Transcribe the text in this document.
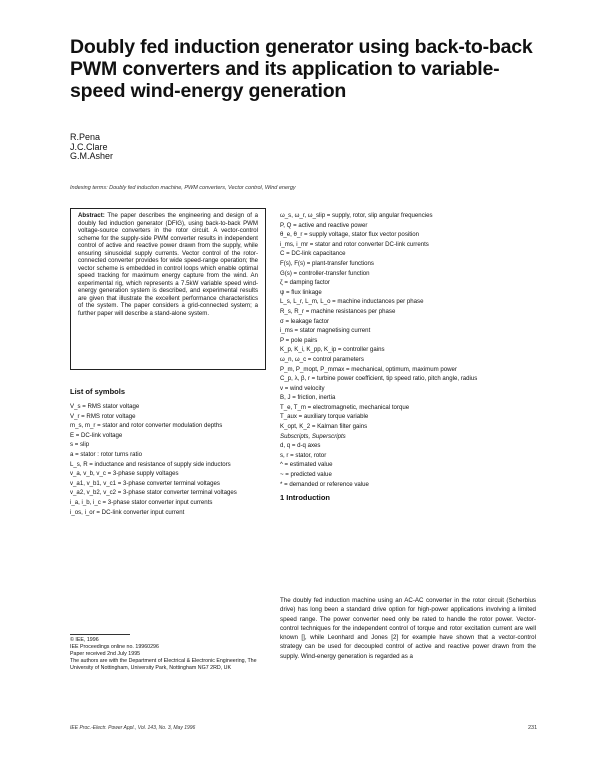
Doubly fed induction generator using back-to-back PWM converters and its application to variable-speed wind-energy generation
R.Pena
J.C.Clare
G.M.Asher
Indexing terms: Doubly fed induction machine, PWM converters, Vector control, Wind energy
Abstract: The paper describes the engineering and design of a doubly fed induction generator (DFIG), using back-to-back PWM voltage-source converters in the rotor circuit. A vector-control scheme for the supply-side PWM converter results in independent control of active and reactive power drawn from the supply, while ensuring sinusoidal supply currents. Vector control of the rotor-connected converter provides for wide speed-range operation; the vector scheme is embedded in control loops which enable optimal speed tracking for maximum energy capture from the wind. An experimental rig, which represents a 7.5kW variable speed wind-energy generation system is described, and experimental results are given that illustrate the excellent performance characteristics of the system. The paper considers a grid-connected system; a further paper will describe a stand-alone system.
List of symbols
V_s = RMS stator voltage
V_r = RMS rotor voltage
m_s, m_r = stator and rotor converter modulation depths
E = DC-link voltage
s = slip
a = stator : rotor turns ratio
L_s, R = inductance and resistance of supply side inductors
v_a, v_b, v_c = 3-phase supply voltages
v_a1, v_b1, v_c1 = 3-phase converter terminal voltages
v_a2, v_b2, v_c2 = 3-phase stator converter terminal voltages
i_a, i_b, i_c = 3-phase stator converter input currents
i_os, i_or = DC-link converter input current
© IEE, 1996
IEE Proceedings online no. 19960296
Paper received 2nd July 1995
The authors are with the Department of Electrical & Electronic Engineering, The University of Nottingham, University Park, Nottingham NG7 2RD, UK
ω_s, ω_r, ω_slip = supply, rotor, slip angular frequencies
P, Q = active and reactive power
θ_e, θ_r = supply voltage, stator flux vector position
i_ms, i_mr = stator and rotor converter DC-link currents
C = DC-link capacitance
F(s), F(s) = plant-transfer functions
G(s) = controller-transfer function
ζ = damping factor
ψ = flux linkage
L_s, L_r, L_m, L_o = machine inductances per phase
R_s, R_r = machine resistances per phase
σ = leakage factor
i_ms = stator magnetising current
P = pole pairs
K_p, K_i, K_pp, K_ip = controller gains
ω_n, ω_c = control parameters
P_m, P_mopt, P_mmax = mechanical, optimum, maximum power
C_p, λ, β, r = turbine power coefficient, tip speed ratio, pitch angle, radius
v = wind velocity
B, J = friction, inertia
T_e, T_m = electromagnetic, mechanical torque
T_aux = auxiliary torque variable
K_opt, K_2 = Kalman filter gains
Subscripts, Superscripts
d, q = d-q axes
s, r = stator, rotor
^ = estimated value
~ = predicted value
* = demanded or reference value
1 Introduction
The doubly fed induction machine using an AC-AC converter in the rotor circuit (Scherbius drive) has long been a standard drive option for high-power applications involving a limited speed range. The power converter need only be rated to handle the rotor power. Vector-control techniques for the independent control of torque and rotor excitation current are well known [], while Leonhard and Jones [2] for example have shown that a vector-control strategy can be used for decoupled control of active and reactive power drawn from the supply. Wind-energy generation is regarded as a
IEE Proc.-Electr. Power Appl., Vol. 143, No. 3, May 1996	231
